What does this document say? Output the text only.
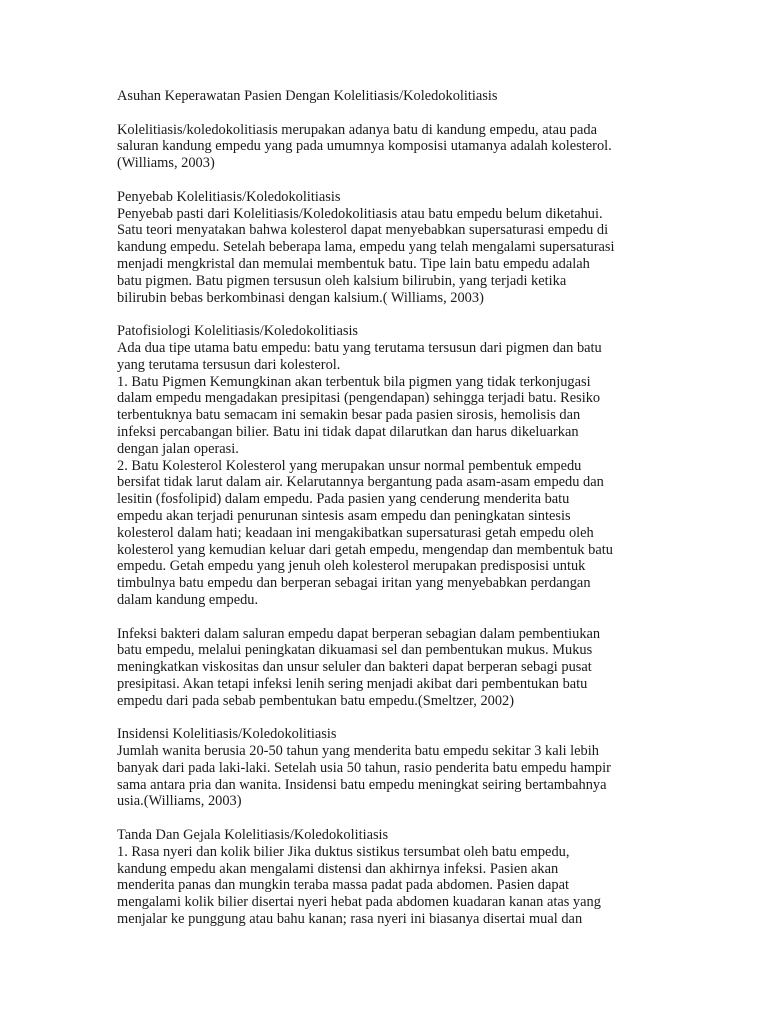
Asuhan Keperawatan Pasien Dengan Kolelitiasis/Koledokolitiasis
Kolelitiasis/koledokolitiasis merupakan adanya batu di kandung empedu, atau pada
saluran kandung empedu yang pada umumnya komposisi utamanya adalah kolesterol.
(Williams, 2003)
Penyebab Kolelitiasis/Koledokolitiasis
Penyebab pasti dari Kolelitiasis/Koledokolitiasis atau batu empedu belum diketahui.
Satu teori menyatakan bahwa kolesterol dapat menyebabkan supersaturasi empedu di
kandung empedu. Setelah beberapa lama, empedu yang telah mengalami supersaturasi
menjadi mengkristal dan memulai membentuk batu. Tipe lain batu empedu adalah
batu pigmen. Batu pigmen tersusun oleh kalsium bilirubin, yang terjadi ketika
bilirubin bebas berkombinasi dengan kalsium.( Williams, 2003)
Patofisiologi Kolelitiasis/Koledokolitiasis
Ada dua tipe utama batu empedu: batu yang terutama tersusun dari pigmen dan batu
yang terutama tersusun dari kolesterol.
1. Batu Pigmen Kemungkinan akan terbentuk bila pigmen yang tidak terkonjugasi
dalam empedu mengadakan presipitasi (pengendapan) sehingga terjadi batu. Resiko
terbentuknya batu semacam ini semakin besar pada pasien sirosis, hemolisis dan
infeksi percabangan bilier. Batu ini tidak dapat dilarutkan dan harus dikeluarkan
dengan jalan operasi.
2. Batu Kolesterol Kolesterol yang merupakan unsur normal pembentuk empedu
bersifat tidak larut dalam air. Kelarutannya bergantung pada asam-asam empedu dan
lesitin (fosfolipid) dalam empedu. Pada pasien yang cenderung menderita batu
empedu akan terjadi penurunan sintesis asam empedu dan peningkatan sintesis
kolesterol dalam hati; keadaan ini mengakibatkan supersaturasi getah empedu oleh
kolesterol yang kemudian keluar dari getah empedu, mengendap dan membentuk batu
empedu. Getah empedu yang jenuh oleh kolesterol merupakan predisposisi untuk
timbulnya batu empedu dan berperan sebagai iritan yang menyebabkan perdangan
dalam kandung empedu.
Infeksi bakteri dalam saluran empedu dapat berperan sebagian dalam pembentiukan
batu empedu, melalui peningkatan dikuamasi sel dan pembentukan mukus. Mukus
meningkatkan viskositas dan unsur seluler dan bakteri dapat berperan sebagi pusat
presipitasi. Akan tetapi infeksi lenih sering menjadi akibat dari pembentukan batu
empedu dari pada sebab pembentukan batu empedu.(Smeltzer, 2002)
Insidensi Kolelitiasis/Koledokolitiasis
Jumlah wanita berusia 20-50 tahun yang menderita batu empedu sekitar 3 kali lebih
banyak dari pada laki-laki. Setelah usia 50 tahun, rasio penderita batu empedu hampir
sama antara pria dan wanita. Insidensi batu empedu meningkat seiring bertambahnya
usia.(Williams, 2003)
Tanda Dan Gejala Kolelitiasis/Koledokolitiasis
1. Rasa nyeri dan kolik bilier Jika duktus sistikus tersumbat oleh batu empedu,
kandung empedu akan mengalami distensi dan akhirnya infeksi. Pasien akan
menderita panas dan mungkin teraba massa padat pada abdomen. Pasien dapat
mengalami kolik bilier disertai nyeri hebat pada abdomen kuadaran kanan atas yang
menjalar ke punggung atau bahu kanan; rasa nyeri ini biasanya disertai mual dan
